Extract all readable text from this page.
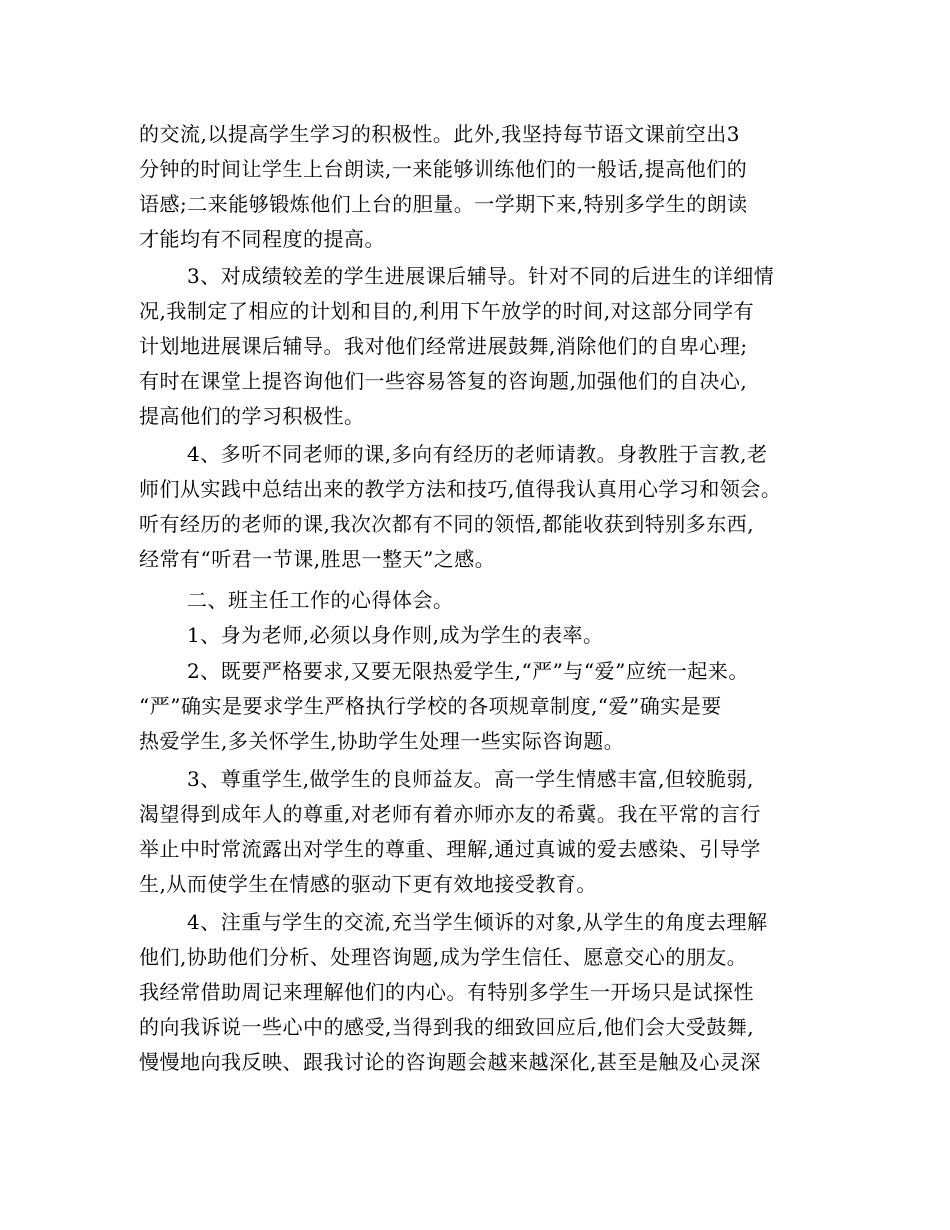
的交流,以提高学生学习的积极性。此外,我坚持每节语文课前空出3
分钟的时间让学生上台朗读,一来能够训练他们的一般话,提高他们的
语感;二来能够锻炼他们上台的胆量。一学期下来,特别多学生的朗读
才能均有不同程度的提高。
3、对成绩较差的学生进展课后辅导。针对不同的后进生的详细情
况,我制定了相应的计划和目的,利用下午放学的时间,对这部分同学有
计划地进展课后辅导。我对他们经常进展鼓舞,消除他们的自卑心理;
有时在课堂上提咨询他们一些容易答复的咨询题,加强他们的自决心,
提高他们的学习积极性。
4、多听不同老师的课,多向有经历的老师请教。身教胜于言教,老
师们从实践中总结出来的教学方法和技巧,值得我认真用心学习和领会。
听有经历的老师的课,我次次都有不同的领悟,都能收获到特别多东西,
经常有“听君一节课,胜思一整天”之感。
二、班主任工作的心得体会。
1、身为老师,必须以身作则,成为学生的表率。
2、既要严格要求,又要无限热爱学生,“严”与“爱”应统一起来。
“严”确实是要求学生严格执行学校的各项规章制度,“爱”确实是要
热爱学生,多关怀学生,协助学生处理一些实际咨询题。
3、尊重学生,做学生的良师益友。高一学生情感丰富,但较脆弱,
渴望得到成年人的尊重,对老师有着亦师亦友的希冀。我在平常的言行
举止中时常流露出对学生的尊重、理解,通过真诚的爱去感染、引导学
生,从而使学生在情感的驱动下更有效地接受教育。
4、注重与学生的交流,充当学生倾诉的对象,从学生的角度去理解
他们,协助他们分析、处理咨询题,成为学生信任、愿意交心的朋友。
我经常借助周记来理解他们的内心。有特别多学生一开场只是试探性
的向我诉说一些心中的感受,当得到我的细致回应后,他们会大受鼓舞,
慢慢地向我反映、跟我讨论的咨询题会越来越深化,甚至是触及心灵深
